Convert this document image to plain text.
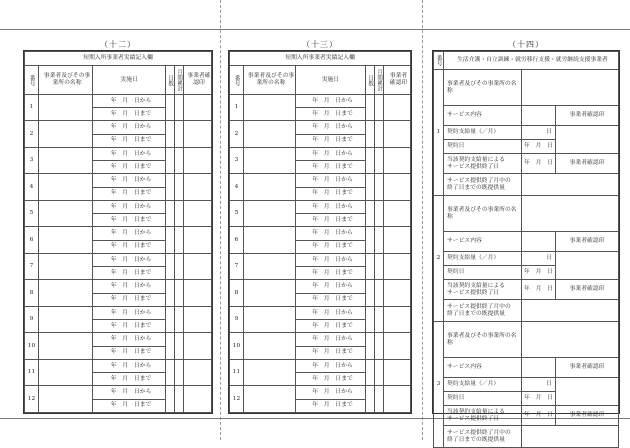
（十二）
短期入所事業者実績記入欄					
番号	事業者及びその事業所の名称	実施日	日数	月間累計	事業者確認印
1		年　月　日から			
		年　月　日まで			
2		年　月　日から			
		年　月　日まで			
3		年　月　日から			
		年　月　日まで			
4		年　月　日から			
		年　月　日まで			
5		年　月　日から			
		年　月　日まで			
6		年　月　日から			
		年　月　日まで			
7		年　月　日から			
		年　月　日まで			
8		年　月　日から			
		年　月　日まで			
9		年　月　日から			
		年　月　日まで			
10		年　月　日から			
		年　月　日まで			
11		年　月　日から			
		年　月　日まで			
12		年　月　日から			
		年　月　日まで			
（十三）
短期入所事業者実績記入欄					
番号	事業者及びその事業所の名称	実施日	日数	月間累計	事業者確認印
1		年　月　日から			
		年　月　日まで			
2		年　月　日から			
		年　月　日まで			
3		年　月　日から			
		年　月　日まで			
4		年　月　日から			
		年　月　日まで			
5		年　月　日から			
		年　月　日まで			
6		年　月　日から			
		年　月　日まで			
7		年　月　日から			
		年　月　日まで			
8		年　月　日から			
		年　月　日まで			
9		年　月　日から			
		年　月　日まで			
10		年　月　日から			
		年　月　日まで			
11		年　月　日から			
		年　月　日まで			
12		年　月　日から			
		年　月　日まで			
（十四）
番号	生活介護・自立訓練・就労移行支援・就労継続支援事業者		
1	事業者及びその事業所の名称		
	サービス内容		事業者確認印
	契約支給量（／月）	日	
	契約日	年　月　日	

	当該契約支給量による
サービス提供終了日	年　月　日	事業者確認印

	サービス提供終了月中の
終了日までの既提供量		

2	事業者及びその事業所の名称		
	サービス内容		事業者確認印
	契約支給量（／月）	日	
	契約日	年　月　日	

	当該契約支給量による
サービス提供終了日	年　月　日	事業者確認印

	サービス提供終了月中の
終了日までの既提供量		

3	事業者及びその事業所の名称		
	サービス内容		事業者確認印
	契約支給量（／月）	日	
	契約日	年　月　日	

	当該契約支給量による
サービス提供終了日	年　月　日	事業者確認印

	サービス提供終了月中の
終了日までの既提供量		
